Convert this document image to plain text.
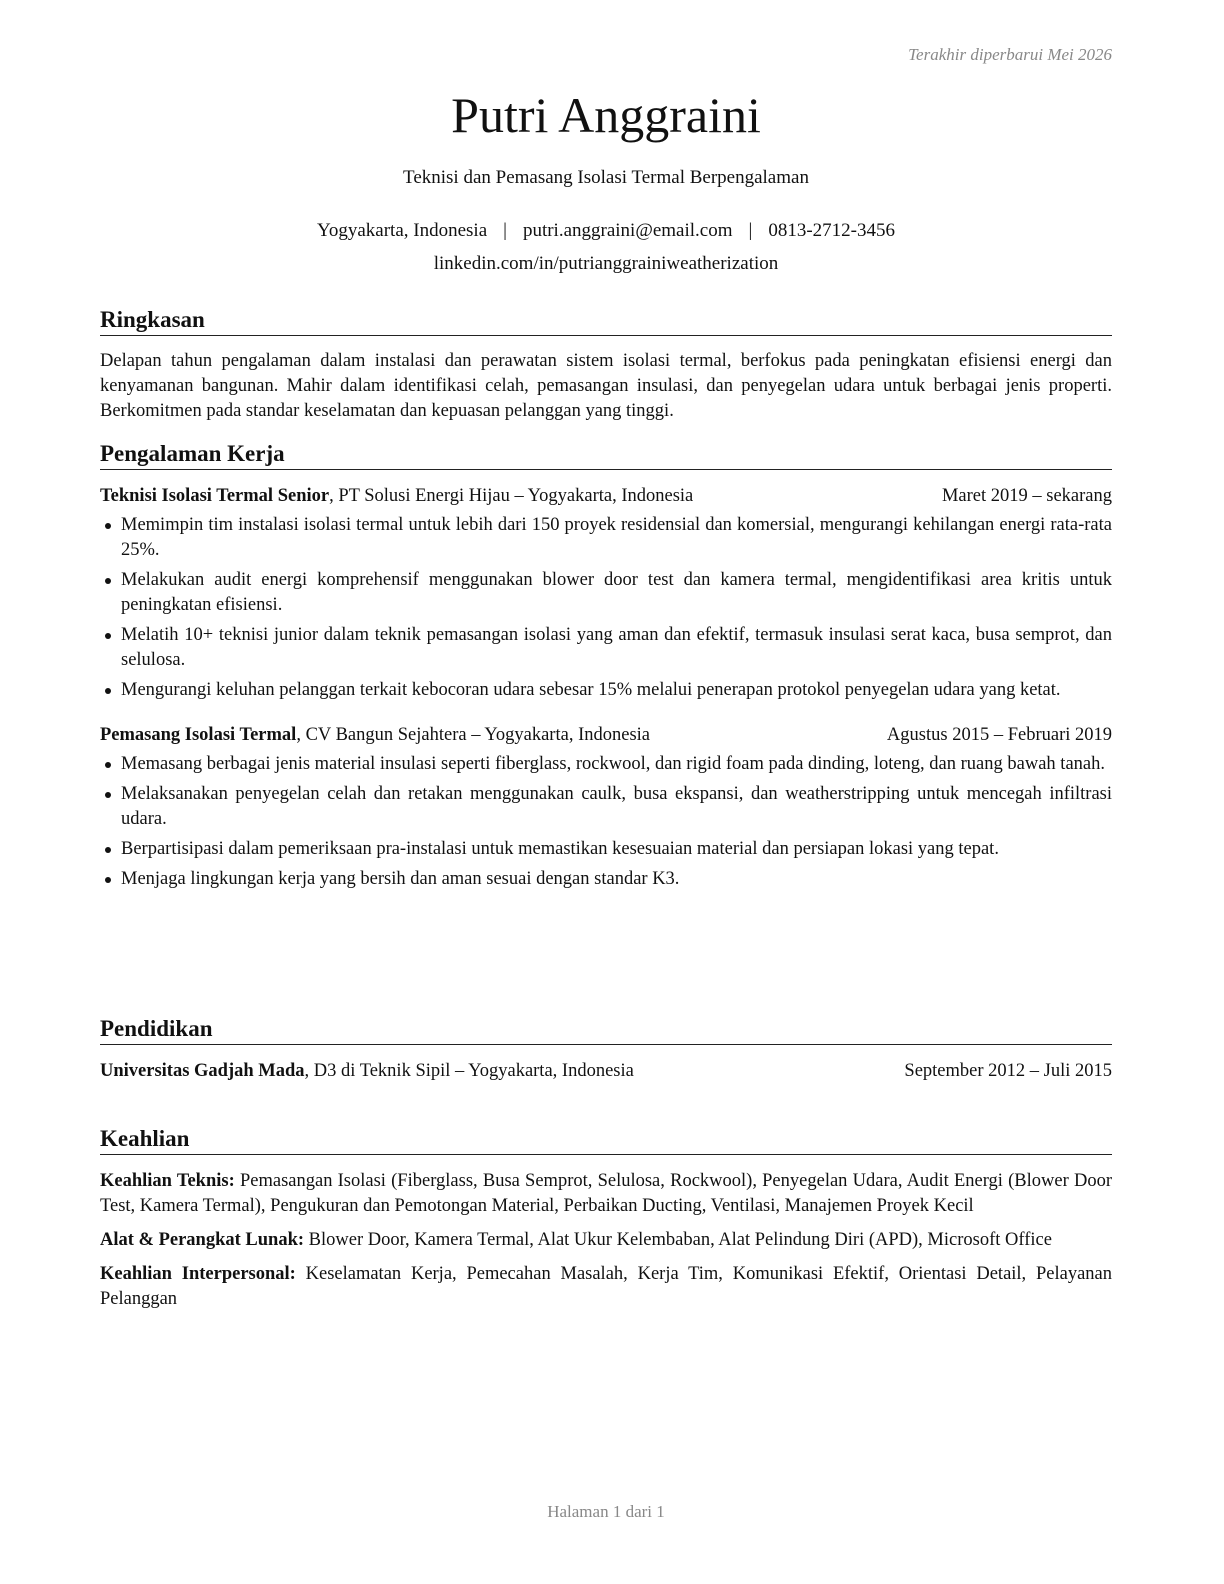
Terakhir diperbarui Mei 2026
Putri Anggraini
Teknisi dan Pemasang Isolasi Termal Berpengalaman
Yogyakarta, Indonesia | putri.anggraini@email.com | 0813-2712-3456
linkedin.com/in/putrianggrainiweatherization
Ringkasan

Delapan tahun pengalaman dalam instalasi dan perawatan sistem isolasi termal, berfokus pada peningkatan efisiensi energi dan kenyamanan bangunan. Mahir dalam identifikasi celah, pemasangan insulasi, dan penyegelan udara untuk berbagai jenis properti. Berkomitmen pada standar keselamatan dan kepuasan pelanggan yang tinggi.

Pengalaman Kerja
Teknisi Isolasi Termal Senior, PT Solusi Energi Hijau – Yogyakarta, Indonesia	Maret 2019 – sekarang
Memimpin tim instalasi isolasi termal untuk lebih dari 150 proyek residensial dan komersial, mengurangi kehilangan energi rata-rata 25%.
Melakukan audit energi komprehensif menggunakan blower door test dan kamera termal, mengidentifikasi area kritis untuk peningkatan efisiensi.
Melatih 10+ teknisi junior dalam teknik pemasangan isolasi yang aman dan efektif, termasuk insulasi serat kaca, busa semprot, dan selulosa.
Mengurangi keluhan pelanggan terkait kebocoran udara sebesar 15% melalui penerapan protokol penyegelan udara yang ketat.
Pemasang Isolasi Termal, CV Bangun Sejahtera – Yogyakarta, Indonesia	Agustus 2015 – Februari 2019
Memasang berbagai jenis material insulasi seperti fiberglass, rockwool, dan rigid foam pada dinding, loteng, dan ruang bawah tanah.
Melaksanakan penyegelan celah dan retakan menggunakan caulk, busa ekspansi, dan weatherstripping untuk mencegah infiltrasi udara.
Berpartisipasi dalam pemeriksaan pra-instalasi untuk memastikan kesesuaian material dan persiapan lokasi yang tepat.
Menjaga lingkungan kerja yang bersih dan aman sesuai dengan standar K3.
Pendidikan
Universitas Gadjah Mada, D3 di Teknik Sipil – Yogyakarta, Indonesia	September 2012 – Juli 2015
Keahlian

Keahlian Teknis: Pemasangan Isolasi (Fiberglass, Busa Semprot, Selulosa, Rockwool), Penyegelan Udara, Audit Energi (Blower Door Test, Kamera Termal), Pengukuran dan Pemotongan Material, Perbaikan Ducting, Ventilasi, Manajemen Proyek Kecil

Alat & Perangkat Lunak: Blower Door, Kamera Termal, Alat Ukur Kelembaban, Alat Pelindung Diri (APD), Microsoft Office

Keahlian Interpersonal: Keselamatan Kerja, Pemecahan Masalah, Kerja Tim, Komunikasi Efektif, Orientasi Detail, Pelayanan Pelanggan

Halaman 1 dari 1
